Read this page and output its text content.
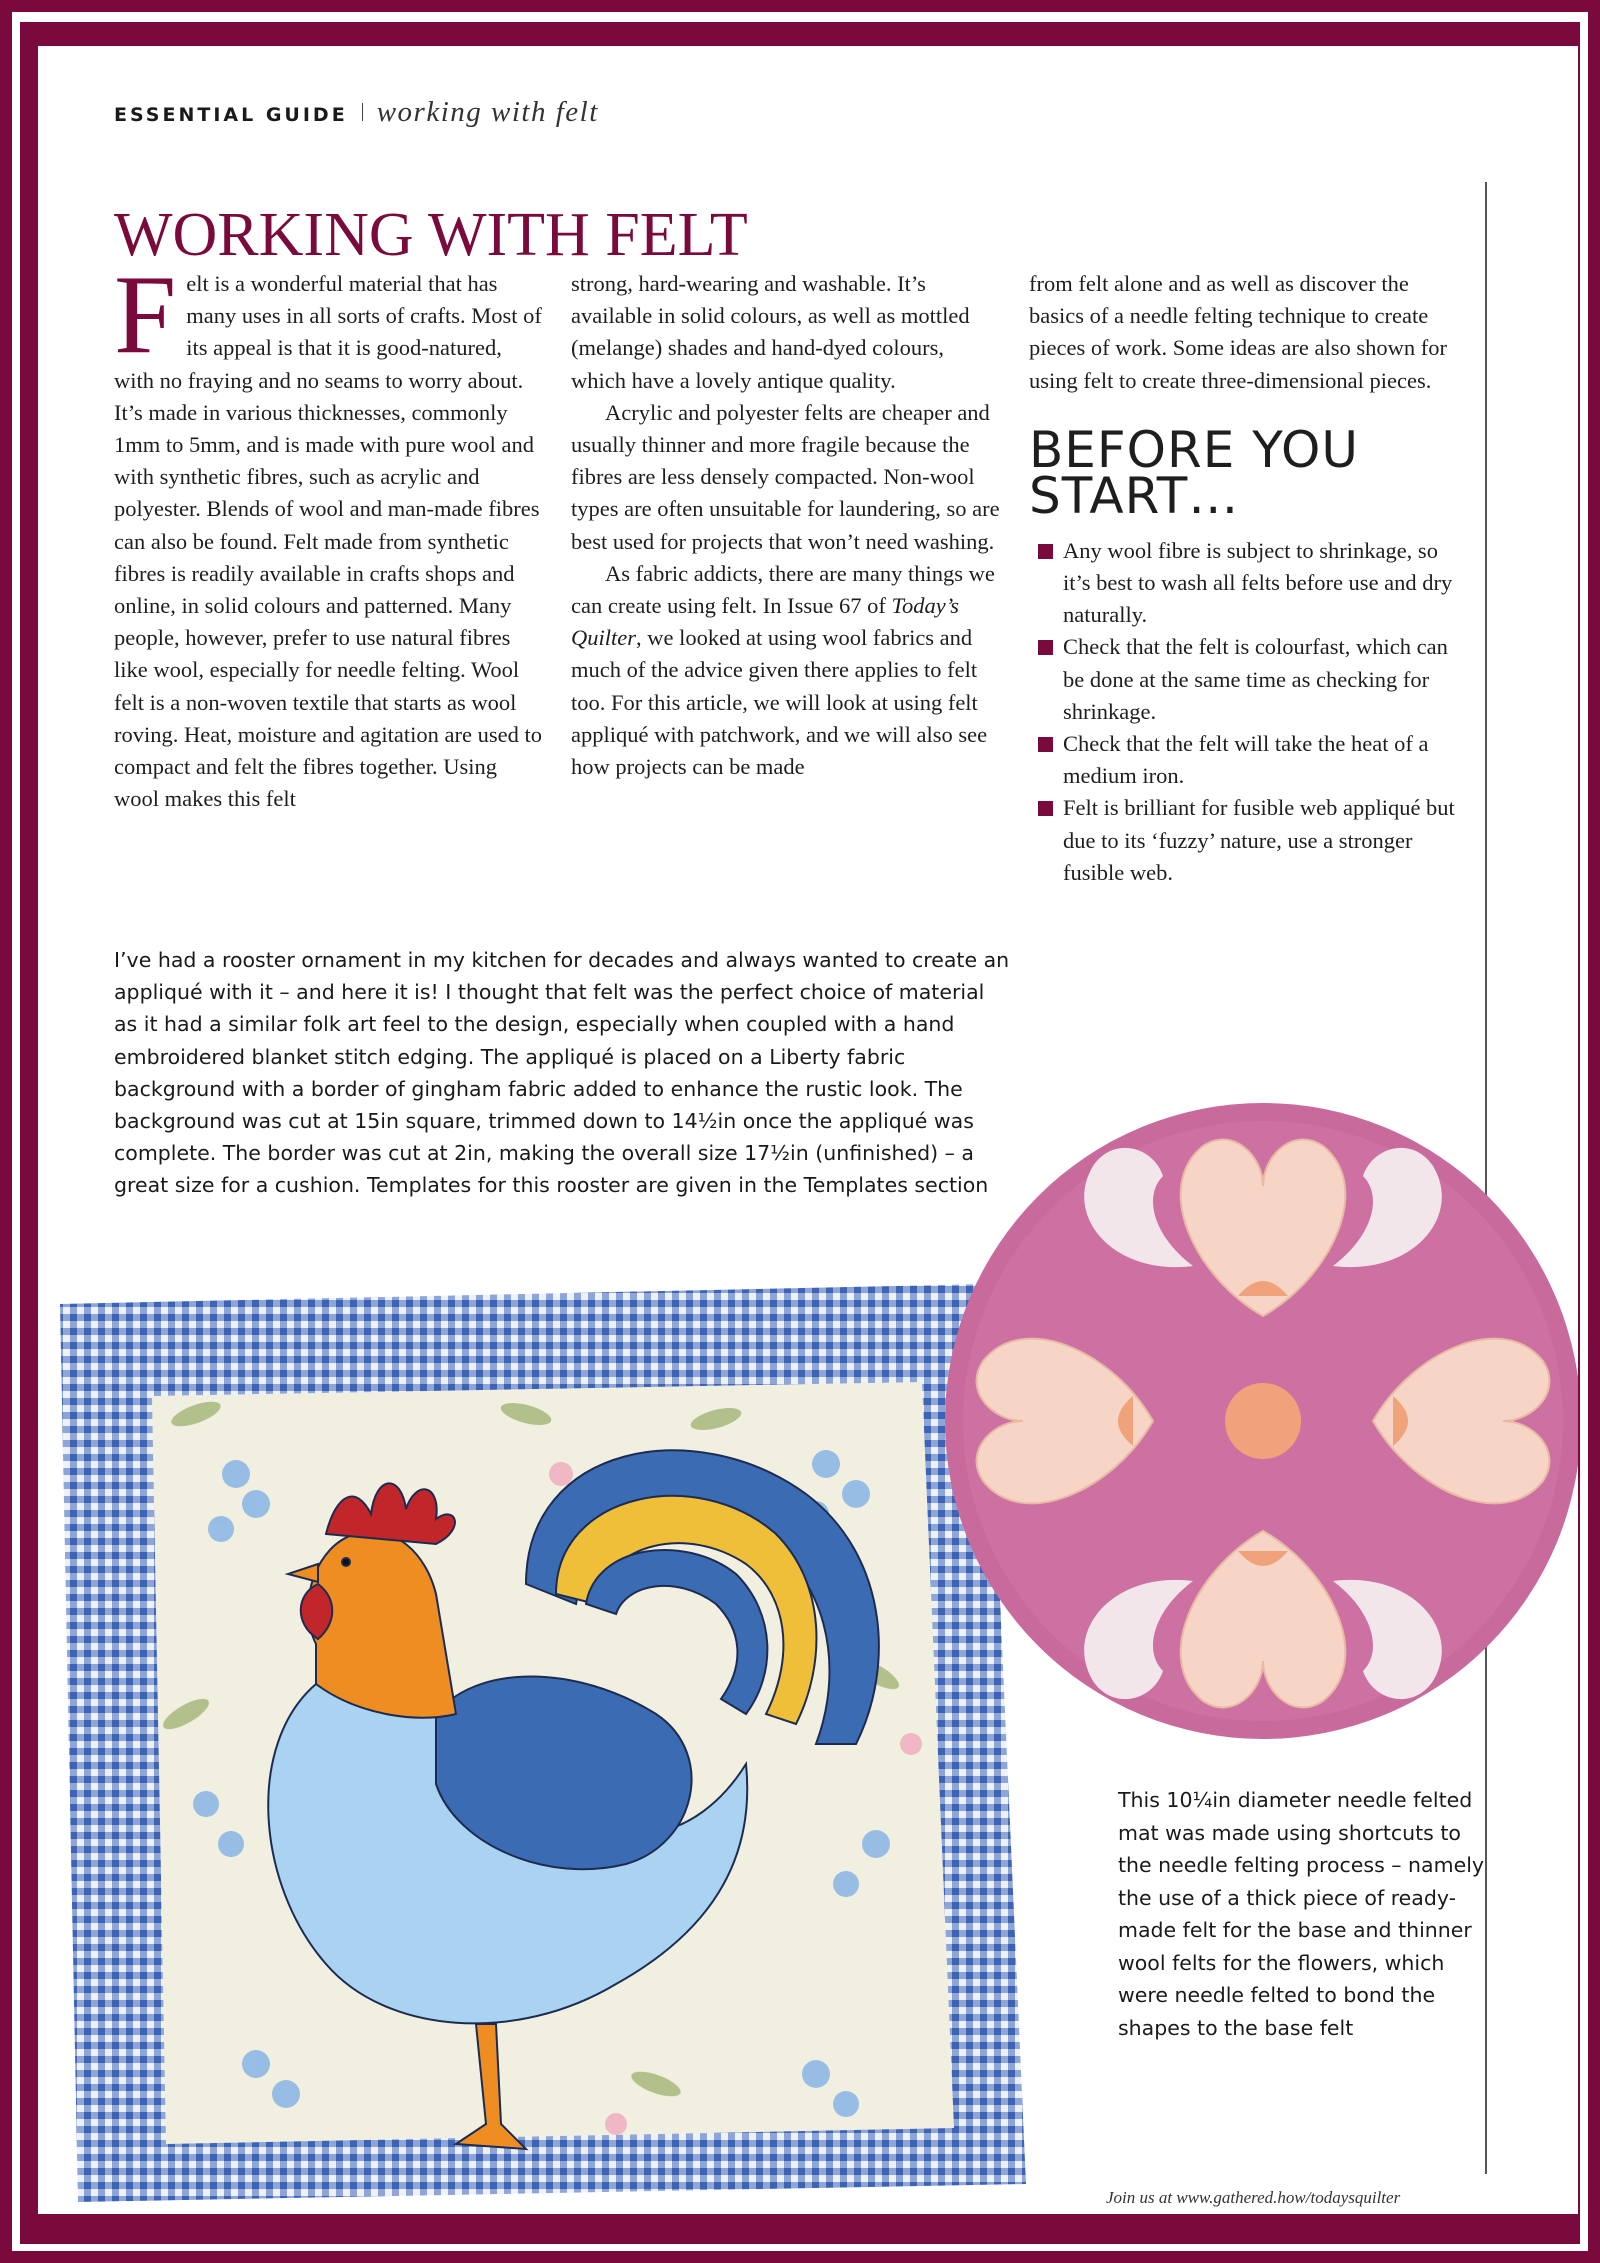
ESSENTIAL GUIDE working with felt
WORKING WITH FELT

Felt is a wonderful material that has many uses in all sorts of crafts. Most of its appeal is that it is good-natured, with no fraying and no seams to worry about. It’s made in various thicknesses, commonly 1mm to 5mm, and is made with pure wool and with synthetic fibres, such as acrylic and polyester. Blends of wool and man-made fibres can also be found. Felt made from synthetic fibres is readily available in crafts shops and online, in solid colours and patterned. Many people, however, prefer to use natural fibres like wool, especially for needle felting. Wool felt is a non-woven textile that starts as wool roving. Heat, moisture and agitation are used to compact and felt the fibres together. Using wool makes this felt

strong, hard-wearing and washable. It’s available in solid colours, as well as mottled (melange) shades and hand-dyed colours, which have a lovely antique quality.

Acrylic and polyester felts are cheaper and usually thinner and more fragile because the fibres are less densely compacted. Non-wool types are often unsuitable for laundering, so are best used for projects that won’t need washing.

As fabric addicts, there are many things we can create using felt. In Issue 67 of Today’s Quilter, we looked at using wool fabrics and much of the advice given there applies to felt too. For this article, we will look at using felt appliqué with patchwork, and we will also see how projects can be made

from felt alone and as well as discover the basics of a needle felting technique to create pieces of work. Some ideas are also shown for using felt to create three-dimensional pieces.

BEFORE YOU
START…
Any wool fibre is subject to shrinkage, so it’s best to wash all felts before use and dry naturally.
Check that the felt is colourfast, which can be done at the same time as checking for shrinkage.
Check that the felt will take the heat of a medium iron.
Felt is brilliant for fusible web appliqué but due to its ‘fuzzy’ nature, use a stronger fusible web.
I’ve had a rooster ornament in my kitchen for decades and always wanted to create an appliqué with it – and here it is! I thought that felt was the perfect choice of material as it had a similar folk art feel to the design, especially when coupled with a hand embroidered blanket stitch edging. The appliqué is placed on a Liberty fabric background with a border of gingham fabric added to enhance the rustic look. The background was cut at 15in square, trimmed down to 14½in once the appliqué was complete. The border was cut at 2in, making the overall size 17½in (unfinished) – a great size for a cushion. Templates for this rooster are given in the Templates section
This 10¼in diameter needle felted mat was made using shortcuts to the needle felting process – namely the use of a thick piece of ready-made felt for the base and thinner wool felts for the flowers, which were needle felted to bond the shapes to the base felt
Join us at www.gathered.how/todaysquilter
